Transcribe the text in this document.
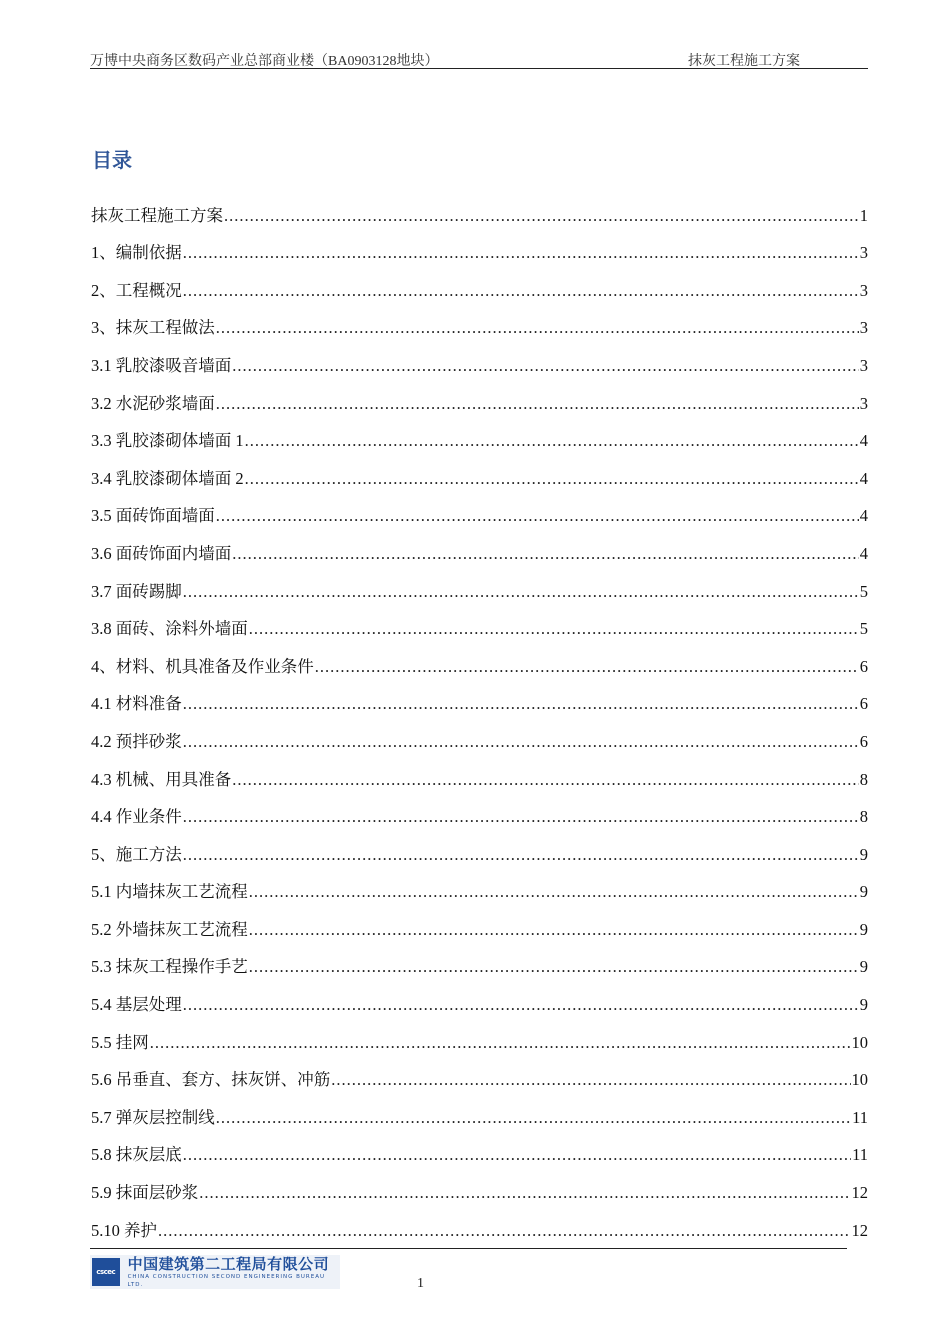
万博中央商务区数码产业总部商业楼（BA0903128地块）	抹灰工程施工方案
目录
抹灰工程施工方案 .....	1
1、编制依据 .....	3
2、工程概况 .....	3
3、抹灰工程做法 .....	3
3.1 乳胶漆吸音墙面 .....	3
3.2 水泥砂浆墙面 .....	3
3.3 乳胶漆砌体墙面 1 .....	4
3.4 乳胶漆砌体墙面 2 .....	4
3.5 面砖饰面墙面 .....	4
3.6 面砖饰面内墙面 .....	4
3.7 面砖踢脚 .....	5
3.8 面砖、涂料外墙面 .....	5
4、材料、机具准备及作业条件 .....	6
4.1 材料准备 .....	6
4.2 预拌砂浆 .....	6
4.3 机械、用具准备 .....	8
4.4 作业条件 .....	8
5、施工方法 .....	9
5.1 内墙抹灰工艺流程 .....	9
5.2 外墙抹灰工艺流程 .....	9
5.3 抹灰工程操作手艺 .....	9
5.4 基层处理 .....	9
5.5 挂网 .....	10
5.6 吊垂直、套方、抹灰饼、冲筋 .....	10
5.7 弹灰层控制线 .....	11
5.8 抹灰层底 .....	11
5.9 抹面层砂浆 .....	12
5.10 养护 .....	12
cscec 中国建筑第二工程局有限公司
CHINA CONSTRUCTION SECOND ENGINEERING BUREAU LTD.	1
